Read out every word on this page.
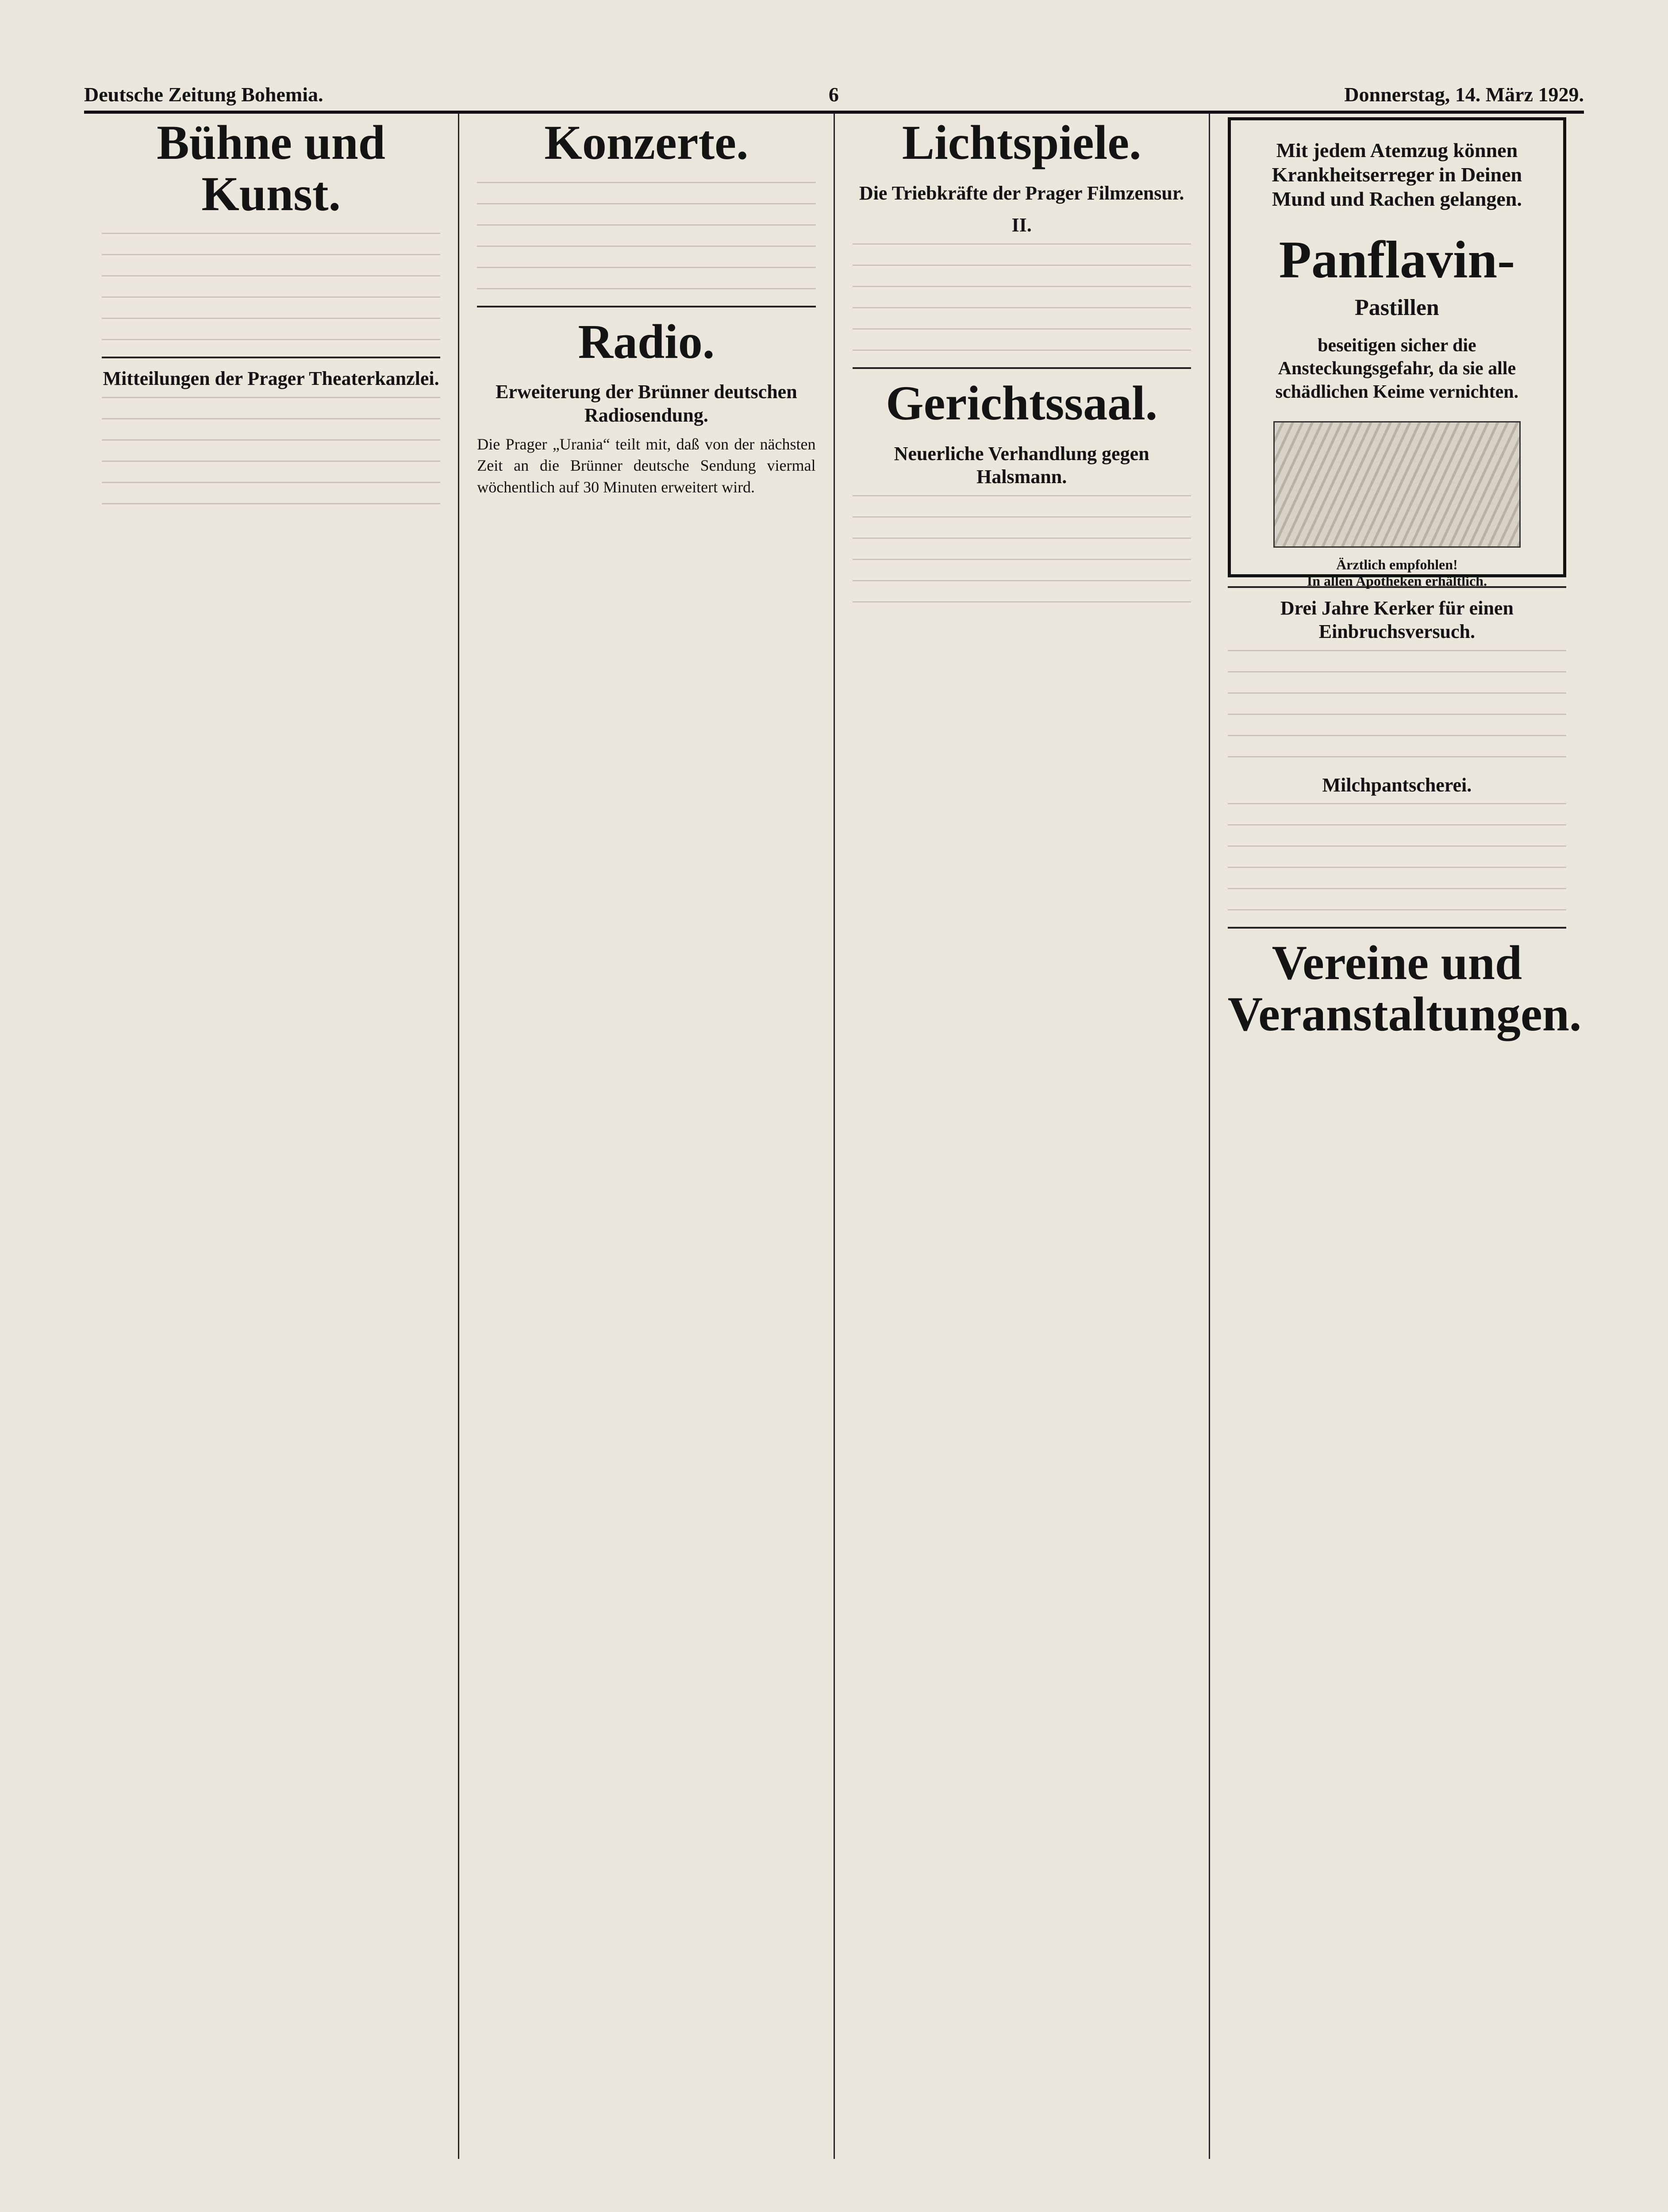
Deutsche Zeitung Bohemia.	6	Donnerstag, 14. März 1929.
Bühne und Kunst.
Mitteilungen der Prager Theaterkanzlei.
Konzerte.
Radio.
Erweiterung der Brünner deutschen Radiosendung.

Die Prager „Urania“ teilt mit, daß von der nächsten Zeit an die Brünner deutsche Sendung viermal wöchentlich auf 30 Minuten erweitert wird.

Lichtspiele.
Die Triebkräfte der Prager Filmzensur.
II.
Gerichtssaal.
Neuerliche Verhandlung gegen Halsmann.
Mit jedem Atemzug können Krankheitserreger in Deinen Mund und Rachen gelangen.
Panflavin-
Pastillen
beseitigen sicher die Ansteckungsgefahr, da sie alle schädlichen Keime vernichten.
Ärztlich empfohlen!
In allen Apotheken erhältlich.
Drei Jahre Kerker für einen Einbruchsversuch.
Milchpantscherei.
Vereine und Veranstaltungen.
